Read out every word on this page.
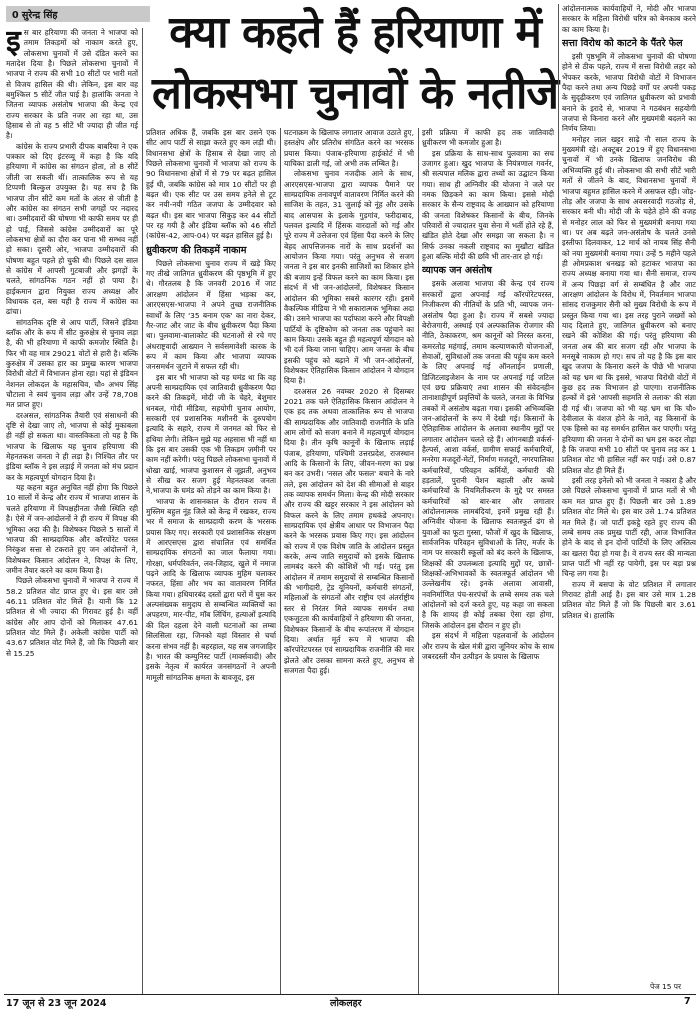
0 सुरेन्द्र सिंह	क्या कहते हैं हरियाणा में
लोकसभा चुनावों के नतीजे

इस बार हरियाणा की जनता ने भाजपा को तमाम तिकड़मों को नाकाम करते हुए, लोकसभा चुनावों में उसे दंडित करने का मतादेश दिया है। पिछले लोकसभा चुनावों में भाजपा ने राज्य की सभी 10 सीटों पर भारी मतों से विजय हासिल की थी। लेकिन, इस बार वह बमुश्किल 5 सीटें जीत पाई है। हालांकि जनता ने जितना व्यापक असंतोष भाजपा की केन्द्र एवं राज्य सरकार के प्रति नजर आ रहा था, उस हिसाब से तो वह 5 सीटें भी ज्यादा ही जीत गई है।

कांग्रेस के राज्य प्रभारी दीपक बाबरिया ने एक पत्रकार को दिए इंटरव्यू में कहा है कि यदि हरियाणा में कांग्रेस का संगठन होता, तो 8 सीटें जीती जा सकती थीं। तात्कालिक रूप से यह टिप्पणी बिल्कुल उपयुक्त है। यह सच है कि भाजपा तीन सीटें कम मतों के अंतर से जीती है और कांग्रेस का संगठन सभी जगहों पर नदारद था। उम्मीदवारों की घोषणा भी काफी समय पर ही हो पाई, जिससे कांग्रेस उम्मीदवारों का पूरे लोकसभा क्षेत्रों का दौरा कर पाना भी सम्भव नहीं हो सका। दूसरी ओर, भाजपा उम्मीदवारों की घोषणा बहुत पहले हो चुकी थी। पिछले दस साल से कांग्रेस में आपसी गुटबाजी और झगड़ों के चलते, सांगठनिक गठन नहीं हो पाया है। हाईकमान द्वारा नियुक्त राज्य अध्यक्ष और विधायक दल, बस यही है राज्य में कांग्रेस का ढांचा।

सांगठनिक दृष्टि से आप पार्टी, जिसने इंडिया ब्लॉक और के रूप में सीट कुरुक्षेत्र से चुनाव लड़ा है, की भी हरियाणा में काफी कमजोर स्थिति है। फिर भी वह मात्र 29021 वोटों से हारी है। बल्कि कुरुक्षेत्र में उसका हार का प्रमुख कारण भाजपा विरोधी वोटों में विभाजन होना रहा। यहां से इंडियन नेशनल लोकदल के महासचिव, चौ० अभय सिंह चौटाला ने स्वयं चुनाव लड़ा और उन्हें 78,708 मत प्राप्त हुए।

दरअसल, सांगठनिक तैयारी एवं संसाधनों की दृष्टि से देखा जाए तो, भाजपा से कोई मुकाबला ही नहीं हो सकता था। वास्तविकता तो यह है कि भाजपा के खिलाफ यह चुनाव हरियाणा की मेहनतकश जनता ने ही लड़ा है। निश्चित तौर पर इंडिया ब्लॉक ने इस लड़ाई में जनता को मंच प्रदान कर के महत्वपूर्ण योगदान दिया है।

यह कहना बहुत अनुचित नहीं होगा कि पिछले 10 सालों में केन्द्र और राज्य में भाजपा शासन के चलते हरियाणा में विपक्षहीनता जैसी स्थिति रही है। ऐसे में जन-आंदोलनों ने ही राज्य में विपक्ष की भूमिका अदा की है। विशेषकर पिछले 5 सालों में भाजपा की साम्प्रदायिक और कॉरपोरेट परस्त निरंकुश सत्ता से टकराते हुए जन आंदोलनों ने, विशेषकर किसान आंदोलन ने, विपक्ष के लिए, जमीन तैयार करने का काम किया है।

पिछले लोकसभा चुनावों में भाजपा ने राज्य में 58.2 प्रतिशत वोट प्राप्त हुए थे। इस बार उसे 46.11 प्रतिशत वोट मिले हैं। यानी कि 12 प्रतिशत से भी ज्यादा की गिरावट हुई है। वहीं कांग्रेस और आप दोनों को मिलाकर 47.61 प्रतिशत वोट मिले हैं। अकेली कांग्रेस पार्टी को 43.67 प्रतिशत वोट मिले हैं, जो कि पिछली बार से 15.25

प्रतिशत अधिक हैं, जबकि इस बार उसने एक सीट आप पार्टी से साझा करते हुए कम लड़ी थी। विधानसभा क्षेत्रों के हिसाब से देखा जाए तो पिछले लोकसभा चुनावों में भाजपा को राज्य के 90 विधानसभा क्षेत्रों में से 79 पर बढ़त हासिल हुई थी, जबकि कांग्रेस को मात्र 10 सीटों पर ही बढ़त थी। एक सीट पर उस समय हनेले से टूट कर नयी-नयी गठित जजपा के उम्मीदवार को बढ़त थी। इस बार भाजपा सिकुड़ कर 44 सीटों पर रह गयी है और इंडिया ब्लॉक को 46 सीटों (कांग्रेस-42, आप-04) पर बढ़त हासिल हुई है।

ध्रुवीकरण की तिकड़में नाकाम

पिछले लोकसभा चुनाव राज्य में खड़े किए गए तीखे जातिगत ध्रुवीकरण की पृष्ठभूमि में हुए थे। गौरतलब है कि जनवरी 2016 में जाट आरक्षण आंदोलन में हिंसा भड़का कर, आरएसएस-भाजपा ने अपने तुच्छ राजनीतिक स्वार्थों के लिए '35 बनाम एक' का नारा देकर, गैर-जाट और जाट के बीच ध्रुवीकरण पैदा किया था। पुलवामा-बालाकोट की घटनाओं से रचे गए अंधराष्ट्रवादी आख्यान ने सर्वसमावेशी कारक के रूप में काम किया और भाजपा व्यापक जनसमर्थन जुटाने में सफल रही थी।

इस बार भी भाजपा को यह घमंड था कि वह अपनी साम्प्रदायिक एवं जातिवादी ध्रुवीकरण पैदा करने की तिकड़में, मोदी जी के चेहरे, बेशुमार धनबल, गोदी मीडिया, सहयोगी चुनाव आयोग, सरकारी एवं प्रशासनिक मशीनरी के दुरुपयोग इत्यादि के सहारे, राज्य में जनमत को फिर से हथिया लेगी। लेकिन मुझे यह अहसास भी नहीं था कि इस बार उसकी एक भी तिकड़म ज़मीनी पर काम नहीं करेगी। परंतु पिछले लोकसभा चुनावों में धोखा खाई, भाजपा कुशासन से जूझती, अनुभव से सीख कर सजग हुई मेहनतकश जनता ने,भाजपा के घमंड को तोड़ने का काम किया है।

भाजपा के शासनकाल के दौरान राज्य में मुस्लिम बहुल नूंह जिले को केन्द्र में रखकर, राज्य भर में समाज के साम्प्रदायी करण के भरसक प्रयास किए गए। सरकारी एवं प्रशासनिक संरक्षण में आरएसएस द्वारा संचालित एवं समर्थित साम्प्रदायिक संगठनों का जाल फैलाया गया। गोरक्षा, धर्मपरिवर्तन, लव-जिहाद, खुले में नमाज पढ़ने आदि के खिलाफ व्यापक मुहिम चलाकर नफरत, हिंसा और भय का वातावरण निर्मित किया गया। हथियारबंद दस्तों द्वारा घरों में घुस कर अल्पसंख्यक समुदाय से सम्बन्धित व्यक्तियों का अपहरण, मार-पीट, मॉब लिंचिंग, हत्याओं इत्यादि की दिल दहला देने वाली घटनाओं का लम्बा सिलसिला रहा, जिनको यहां विस्तार से चर्चा करना संभव नहीं है। बहरहाल, यह सब जगजाहिर है। भारत की कम्युनिस्ट पार्टी (मार्क्सवादी) और इसके नेतृत्व में कार्यरत जनसंगठनों ने अपनी मामूली सांगठनिक क्षमता के बावजूद, इस

घटनाक्रम के खिलाफ लगातार आवाज उठाते हुए, हस्तक्षेप और प्रतिरोध संगठित करने का भरसक प्रयास किया। पंजाब-हरियाणा हाईकोर्ट में भी याचिका डाली गई, जो अभी तक लम्बित है।

लोकसभा चुनाव नजदीक आने के साथ, आरएसएस-भाजपा द्वारा व्यापक पैमाने पर साम्प्रदायिक तनावपूर्ण वातावरण निर्मित करने की साजिश के तहत, 31 जुलाई को नूंह और उसके बाद आसपास के इलाके गुड़गांव, फरीदाबाद, पलवल इत्यादि में हिंसक वारदातों को गई और पूरे राज्य में उत्तेजना एवं हिंसा पैदा करने के लिए बेहद आपत्तिजनक नारों के साथ प्रदर्शनों का आयोजन किया गया। परंतु अनुभव से सजग जनता ने इस बार इनकी साजिशों का शिकार होने की बजाय इन्हें विफल करने का काम किया। इस संदर्भ में भी जन-आंदोलनों, विशेषकर किसान आंदोलन की भूमिका सबसे कारगर रही। इसमें वैकल्पिक मीडिया ने भी सकारात्मक भूमिका अदा की। उसने भाजपा का पर्दाफाश करने और विपक्षी पार्टियों के दृष्टिकोण को जनता तक पहुंचाने का काम किया। उसके बहुत ही महत्वपूर्ण योगदान को भी दर्ज किया जाना चाहिए। आम जनता के बीच इसकी पहुंच को बढ़ाने में भी जन-आंदोलनों, विशेषकर ऐतिहासिक किसान आंदोलन ने योगदान दिया है।

दरअसल 26 नवम्बर 2020 से दिसम्बर 2021 तक चले ऐतिहासिक किसान आंदोलन ने एक हद तक अथवा तात्कालिक रूप से भाजपा की साम्प्रदायिक और जातिवादी राजनीति के प्रति आम लोगों को सजग बनाने में महत्वपूर्ण योगदान दिया है। तीन कृषि कानूनों के खिलाफ लड़ाई पंजाब, हरियाणा, पश्चिमी उत्तरप्रदेश, राजस्थान आदि के किसानों के लिए, जीवन-मरण का प्रश्न बन कर उभरी। 'नसल और फसल' बचाने के नारे तले, इस आंदोलन को देश की सीमाओं से बाहर तक व्यापक समर्थन मिला। केन्द्र की मोदी सरकार और राज्य की खट्टर सरकार ने इस आंदोलन को विफल करने के लिए तमाम हथकंडे अपनाए। साम्प्रदायिक एवं क्षेत्रीय आधार पर विभाजन पैदा करने के भरसक प्रयास किए गए। इस आंदोलन को राज्य में एक विशेष जाति के आंदोलन प्रस्तुत करके, अन्य जाति समुदायों को इसके खिलाफ लामबंद करने की कोशिशें भी गई। परंतु इस आंदोलन में तमाम समुदायों से सम्बन्धित किसानों की भागीदारी, ट्रेड यूनियनों, कर्मचारी संगठनों, महिलाओं के संगठनों और राष्ट्रीय एवं अंतर्राष्ट्रीय स्तर से निरंतर मिले व्यापक समर्थन तथा एकजुटता की कार्यवाहियों ने हरियाणा की जनता, विशेषकर किसानों के बीच रूपांतरण में योगदान दिया। अर्थात मूर्त रूप में भाजपा की कॉरपोरेटपरस्त एवं साम्प्रदायिक राजनीति की मार झेलते और उसका सामना करते हुए, अनुभव से सजगता पैदा हुई।

इसी प्रक्रिया में काफी हद तक जातिवादी ध्रुवीकरण भी कमजोर हुआ है।

इस प्रक्रिया के साथ-साथ पुलवामा का सच उजागर हुआ। खुद भाजपा के नियंत्रणाल गवर्नर, श्री सत्यपाल मलिक द्वारा तथ्यों का उद्घाटन किया गया। साथ ही अग्निवीर की योजना ने जले पर नमक छिड़कने का काम किया। इससे मोदी सरकार के सैन्य राष्ट्रवाद के आख्यान को हरियाणा की जनता विशेषकर किसानों के बीच, जिनके परिवारों से ज्यादातर युवा सेना में भर्ती होते रहे हैं, खंडित होते देखा और समझा जा सकता है। न सिर्फ उनका नकली राष्ट्रवाद का मुखौटा खंडित हुआ बल्कि मोदी की छवि भी तार-तार हो गई।

व्यापक जन असंतोष

इसके अलावा भाजपा की केन्द्र एवं राज्य सरकारों द्वारा अपनाई गई कॉरपोरेटपरस्त, निजीकरण की नीतियों के प्रति भी, व्यापक जन-असंतोष पैदा हुआ है। राज्य में सबसे ज्यादा बेरोजगारी, अस्थाई एवं अल्पकालिक रोजगार की नीति, ठेकाकरण, श्रम कानूनों को निरस्त करना, कमरतोड़ महंगाई, तमाम कल्याणकारी योजनाओं, सेवाओं, सुविधाओं तक जनता की पहुंच कम करने के लिए अपनाई गई ऑनलाईन प्रणाली, डिजिटलाइजेशन के नाम पर अपनाई गई जटिल एवं छद्म प्रक्रियाएं तथा शासन की संवेदनहीन तानाशाहीपूर्ण प्रवृत्तियों के चलते, जनता के विभिन्न तबकों में असंतोष बढ़ता गया। इसकी अभिव्यक्ति जन-आंदोलनों के रूप में देखी गई। किसानों के ऐतिहासिक आंदोलन के अलावा स्थानीय मुद्दों पर लगातार आंदोलन चलते रहे हैं। आंगनबाड़ी वर्कर्स-हैल्पर्स, आशा वर्कर्स, ग्रामीण सफाई कर्मचारियों, मनरेगा मजदूरों-मेटों, निर्माण मजदूरों, नगरपालिका कर्मचारियों, परिवहन कर्मियों, कर्मचारी की हड़तालें, पुरानी पेंशन बहाली और कच्चे कर्मचारियों के नियमितीकरण के मुद्दे पर समस्त कर्मचारियों को बार-बार और लगातार आंदोलनात्मक लामबंदियां, इनमें प्रमुख रही हैं। अग्निवीर योजना के खिलाफ स्वतःस्फूर्त ढंग से युवाओं का फूटा गुस्सा, फौजों में खुद के खिलाफ, सार्वजनिक परिवहन सुविधाओं के लिए, मर्जर के नाम पर सरकारी स्कूलों को बंद करने के खिलाफ, शिक्षकों की उपलब्धता इत्यादि मुद्दों पर, छात्रों-शिक्षकों-अभिभावकों के स्वतःस्फूर्त आंदोलन भी उल्लेखनीय रहे। इनके अलावा आवासी, नवनिर्माणित पंच-सरपंचों के लम्बे समय तक चले आंदोलनों को दर्ज करते हुए, यह कहा जा सकता है कि शायद ही कोई तबका ऐसा रहा होगा, जिसके आंदोलन इस दौरान न हुए हों।

इस संदर्भ में महिला पहलवानों के आंदोलन और राज्य के खेल मंत्री द्वारा जूनियर कोच के साथ जबरदस्ती यौन उत्पीड़न के प्रयास के खिलाफ

आंदोलनात्मक कार्यवाहियों ने, मोदी और भाजपा सरकार के महिला विरोधी चरित्र को बेनकाब करने का काम किया है।

सत्ता विरोध को काटने के पैंतरे फेल

इसी पृष्ठभूमि में लोकसभा चुनावों की घोषणा होने से ठीक पहले, राज्य में सत्ता विरोधी लहर को भेंपकर करके, भाजपा विरोधी वोटों में विभाजन पैदा करने तथा अन्य पिछड़े वर्गों पर अपनी पकड़ के सुदृढ़ीकरण एवं जातिगत ध्रुवीकरण को प्रभावी बनाने के इरादे से, भाजपा ने गठबंधन सहयोगी जजपा से किनारा करने और मुख्यमंत्री बदलने का निर्णय लिया।

मनोहर लाल खट्टर साढ़े नौ साल राज्य के मुख्यमंत्री रहे। अक्टूबर 2019 में हुए विधानसभा चुनावों में भी उनके खिलाफ जनविरोध की अभिव्यक्ति हुई थी। लोकसभा की सभी सीटें भारी मतों से जीतने के बाद, विधानसभा चुनावों में भाजपा बहुमत हासिल करने में असफल रही। जोड़-तोड़ और जजपा के साथ अवसरवादी गठजोड़ से, सरकार बनी थी। मोदी जी के चहेते होने की वजह से मनोहर लाल को फिर से मुख्यमंत्री बनाया गया था। पर अब बढ़ते जन-असंतोष के चलते उनसे इस्तीफा दिलवाकर, 12 मार्च को नायब सिंह सैनी को नया मुख्यमंत्री बनाया गया। उन्हें 5 महीने पहले ही ओमप्रकाश धनखड़ को हटाकर भाजपा का राज्य अध्यक्ष बनाया गया था। सैनी समाज, राज्य में अन्य पिछड़ा वर्ग से सम्बंधित है और जाट आरक्षण आंदोलन के विरोध में, निवर्तमान भाजपा सांसद राजकुमार सैनी को मुख्य विरोधी के रूप में प्रस्तुत किया गया था। इस तरह पुराने जख्मों को याद दिलाते हुए, जातिगत ध्रुवीकरण को बनाए रखने की कोशिश की गई। परंतु हरियाणा की जनता अब की बार सजग रही और भाजपा के मनसूबे नाकाम हो गए। सच तो यह है कि इस बार खुद जजपा के किनारा करने के पीछे भी भाजपा को यह भ्रम था कि इससे, भाजपा विरोधी वोटों में कुछ हद तक विभाजन हो पाएगा। राजनीतिक हल्कों में इसे 'आपसी सहमति से तलाक' की संज्ञा दी गई थी। जजपा को भी यह भ्रम था कि चौ० देवीलाल के वंशज होने के नाते, वह किसानों के एक हिस्से का वह समर्थन हासिल कर पाएगी। परंतु हरियाणा की जनता ने दोनों का भ्रम इस कदर तोड़ा है कि जजपा सभी 10 सीटों पर चुनाव लड़ कर 1 प्रतिशत वोट भी हासिल नहीं कर पाई। उसे 0.87 प्रतिशत वोट ही मिले हैं।

इसी तरह इनेलो को भी जनता ने नकारा है और उसे पिछले लोकसभा चुनावों में प्राप्त मतों से भी कम मत प्राप्त हुए हैं। पिछली बार उसे 1.89 प्रतिशत वोट मिले थे। इस बार उसे 1.74 प्रतिशत मत मिले हैं। जो पार्टी इकट्ठे रहते हुए राज्य की लम्बे समय तक प्रमुख पार्टी रही, आज विभाजित होने के बाद से इन दोनों पार्टियों के लिए अस्तित्व का खतरा पैदा हो गया है। वे राज्य स्तर की मान्यता प्राप्त पार्टी भी नहीं रह पायेगी, इस पर बड़ा प्रश्न चिन्ह लग गया है।

राज्य में बसपा के वोट प्रतिशत में लगातार गिरावट होती आई है। इस बार उसे मात्र 1.28 प्रतिशत वोट मिले हैं जो कि पिछली बार 3.61 प्रतिशत थे। हालांकि

पेज 15 पर
17 जून से 23 जून 2024	लोकलहर	7
